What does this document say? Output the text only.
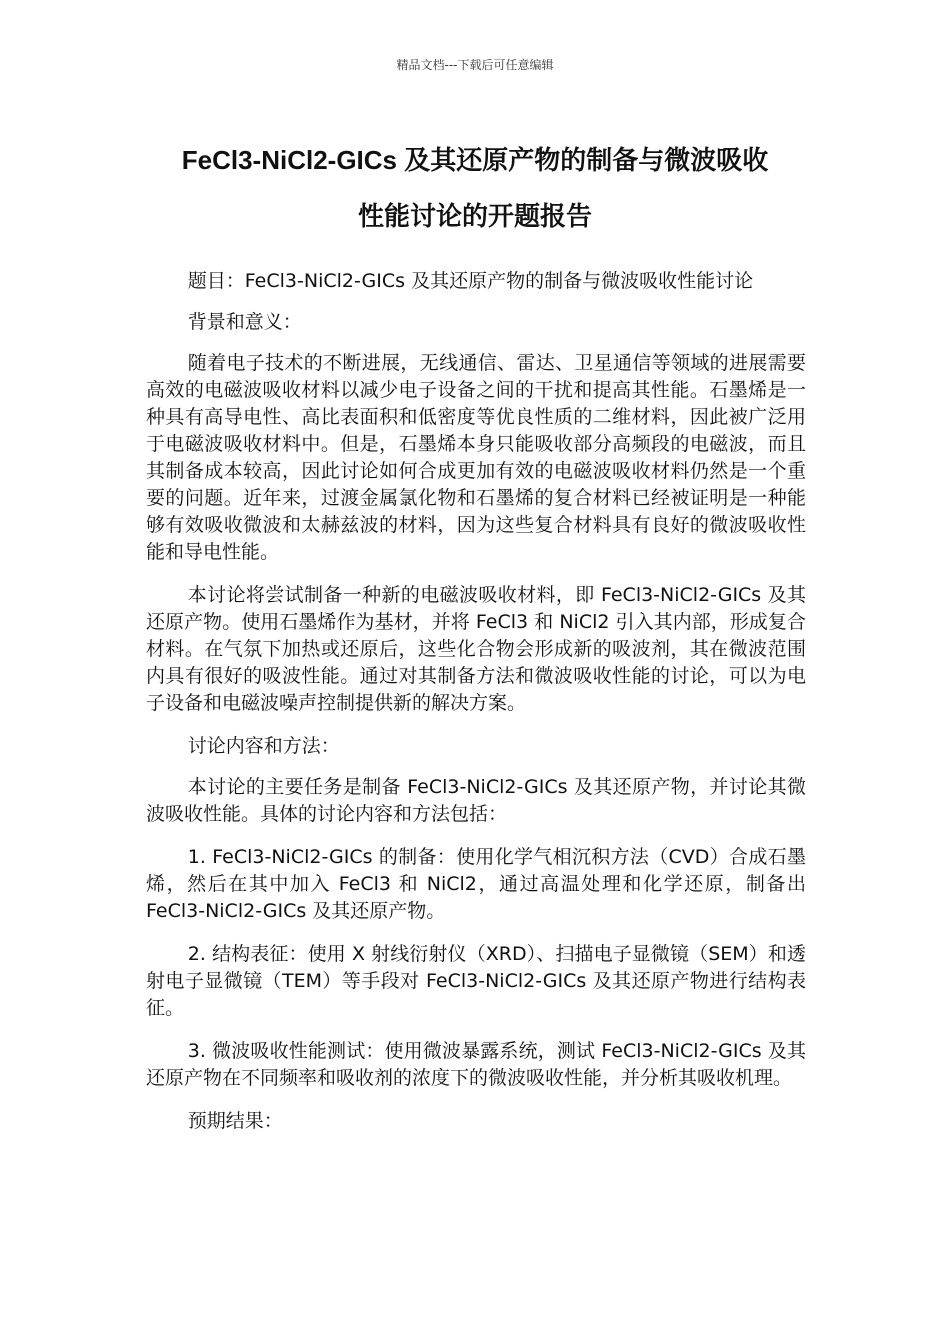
精品文档---下载后可任意编辑
FeCl3-NiCl2-GICs 及其还原产物的制备与微波吸收
性能讨论的开题报告

题目：FeCl3-NiCl2-GICs 及其还原产物的制备与微波吸收性能讨论

背景和意义：

随着电子技术的不断进展，无线通信、雷达、卫星通信等领域的进展需要高效的电磁波吸收材料以减少电子设备之间的干扰和提高其性能。石墨烯是一种具有高导电性、高比表面积和低密度等优良性质的二维材料，因此被广泛用于电磁波吸收材料中。但是，石墨烯本身只能吸收部分高频段的电磁波，而且其制备成本较高，因此讨论如何合成更加有效的电磁波吸收材料仍然是一个重要的问题。近年来，过渡金属氯化物和石墨烯的复合材料已经被证明是一种能够有效吸收微波和太赫兹波的材料，因为这些复合材料具有良好的微波吸收性能和导电性能。

本讨论将尝试制备一种新的电磁波吸收材料，即 FeCl3-NiCl2-GICs 及其还原产物。使用石墨烯作为基材，并将 FeCl3 和 NiCl2 引入其内部，形成复合材料。在气氛下加热或还原后，这些化合物会形成新的吸波剂，其在微波范围内具有很好的吸波性能。通过对其制备方法和微波吸收性能的讨论，可以为电子设备和电磁波噪声控制提供新的解决方案。

讨论内容和方法：

本讨论的主要任务是制备 FeCl3-NiCl2-GICs 及其还原产物，并讨论其微波吸收性能。具体的讨论内容和方法包括：

1. FeCl3-NiCl2-GICs 的制备：使用化学气相沉积方法（CVD）合成石墨烯，然后在其中加入 FeCl3 和 NiCl2，通过高温处理和化学还原，制备出 FeCl3-NiCl2-GICs 及其还原产物。

2. 结构表征：使用 X 射线衍射仪（XRD）、扫描电子显微镜（SEM）和透射电子显微镜（TEM）等手段对 FeCl3-NiCl2-GICs 及其还原产物进行结构表征。

3. 微波吸收性能测试：使用微波暴露系统，测试 FeCl3-NiCl2-GICs 及其还原产物在不同频率和吸收剂的浓度下的微波吸收性能，并分析其吸收机理。

预期结果：
